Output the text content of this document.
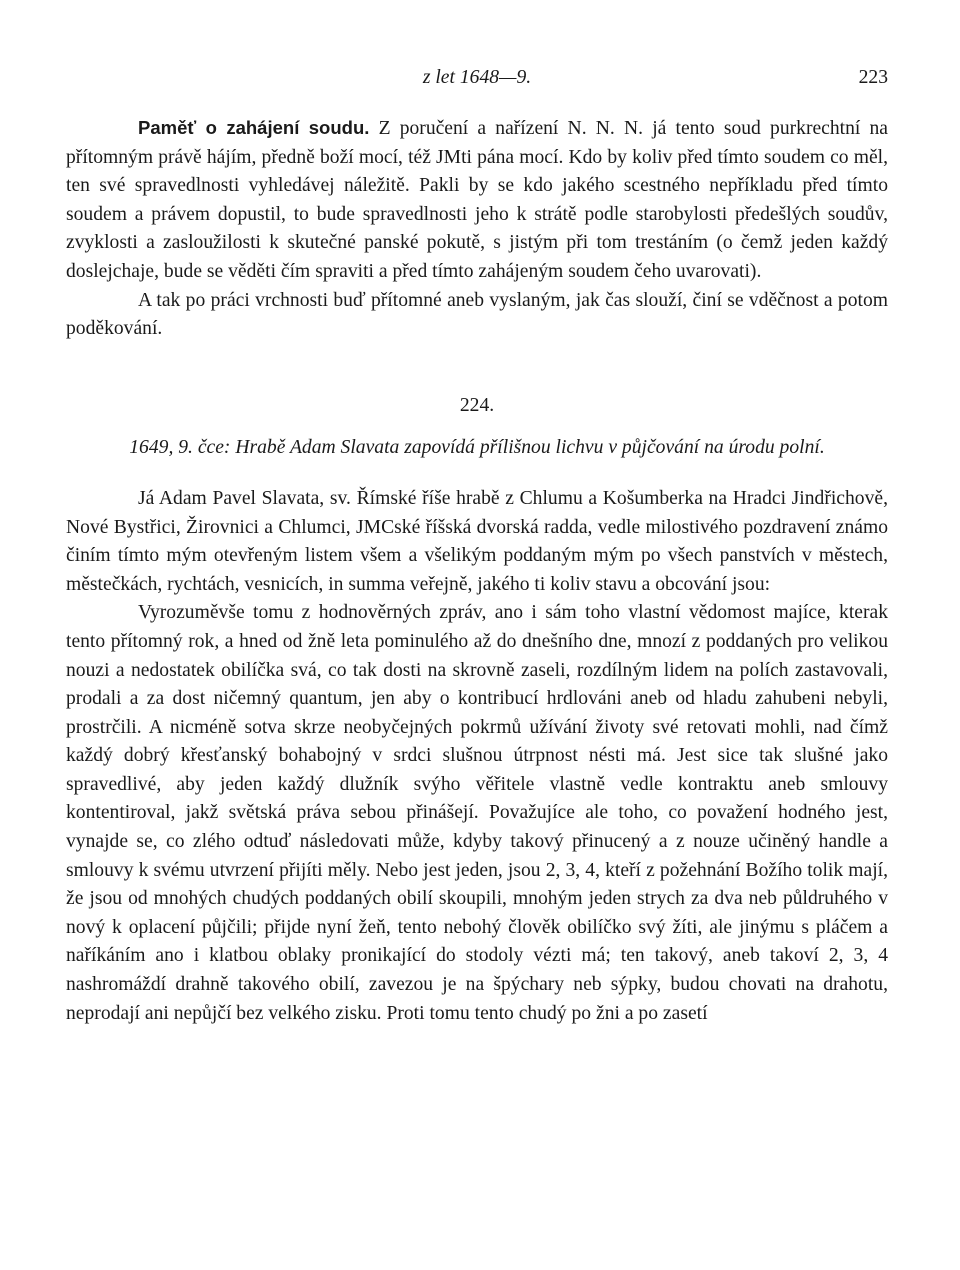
z let 1648—9.	223

Paměť o zahájení soudu. Z poručení a nařízení N. N. N. já tento soud purkrechtní na přítomným právě hájím, předně boží mocí, též JMti pána mocí. Kdo by koliv před tímto soudem co měl, ten své spravedlnosti vyhledávej náležitě. Pakli by se kdo jakého scestného nepříkladu před tímto soudem a právem dopustil, to bude spravedlnosti jeho k strátě podle starobylosti předešlých soudův, zvyklosti a zasloužilosti k skutečné panské pokutě, s jistým při tom trestáním (o čemž jeden každý doslejchaje, bude se věděti čím spraviti a před tímto zahájeným soudem čeho uvarovati).

A tak po práci vrchnosti buď přítomné aneb vyslaným, jak čas slouží, činí se vděčnost a potom poděkování.

224.

1649, 9. čce: Hrabě Adam Slavata zapovídá přílišnou lichvu v půjčování na úrodu polní.

Já Adam Pavel Slavata, sv. Římské říše hrabě z Chlumu a Košumberka na Hradci Jindřichově, Nové Bystřici, Žirovnici a Chlumci, JMCské říšská dvorská radda, vedle milostivého pozdravení známo činím tímto mým otevřeným listem všem a všelikým poddaným mým po všech panstvích v městech, městečkách, rychtách, vesnicích, in summa veřejně, jakého ti koliv stavu a obcování jsou:

Vyrozuměvše tomu z hodnověrných zpráv, ano i sám toho vlastní vědomost majíce, kterak tento přítomný rok, a hned od žně leta pominulého až do dnešního dne, mnozí z poddaných pro velikou nouzi a nedostatek obilíčka svá, co tak dosti na skrovně zaseli, rozdílným lidem na polích zastavovali, prodali a za dost ničemný quantum, jen aby o kontribucí hrdlováni aneb od hladu zahubeni nebyli, prostrčili. A nicméně sotva skrze neobyčejných pokrmů užívání životy své retovati mohli, nad čímž každý dobrý křesťanský bohabojný v srdci slušnou útrpnost nésti má. Jest sice tak slušné jako spravedlivé, aby jeden každý dlužník svýho věřitele vlastně vedle kontraktu aneb smlouvy kontentiroval, jakž světská práva sebou přinášejí. Považujíce ale toho, co považení hodného jest, vynajde se, co zlého odtuď následovati může, kdyby takový přinucený a z nouze učiněný handle a smlouvy k svému utvrzení přijíti měly. Nebo jest jeden, jsou 2, 3, 4, kteří z požehnání Božího tolik mají, že jsou od mnohých chudých poddaných obilí skoupili, mnohým jeden strych za dva neb půldruhého v nový k oplacení půjčili; přijde nyní žeň, tento nebohý člověk obilíčko svý žíti, ale jinýmu s pláčem a naříkáním ano i klatbou oblaky pronikající do stodoly vézti má; ten takový, aneb takoví 2, 3, 4 nashromáždí drahně takového obilí, zavezou je na špýchary neb sýpky, budou chovati na drahotu, neprodají ani nepůjčí bez velkého zisku. Proti tomu tento chudý po žni a po zasetí
